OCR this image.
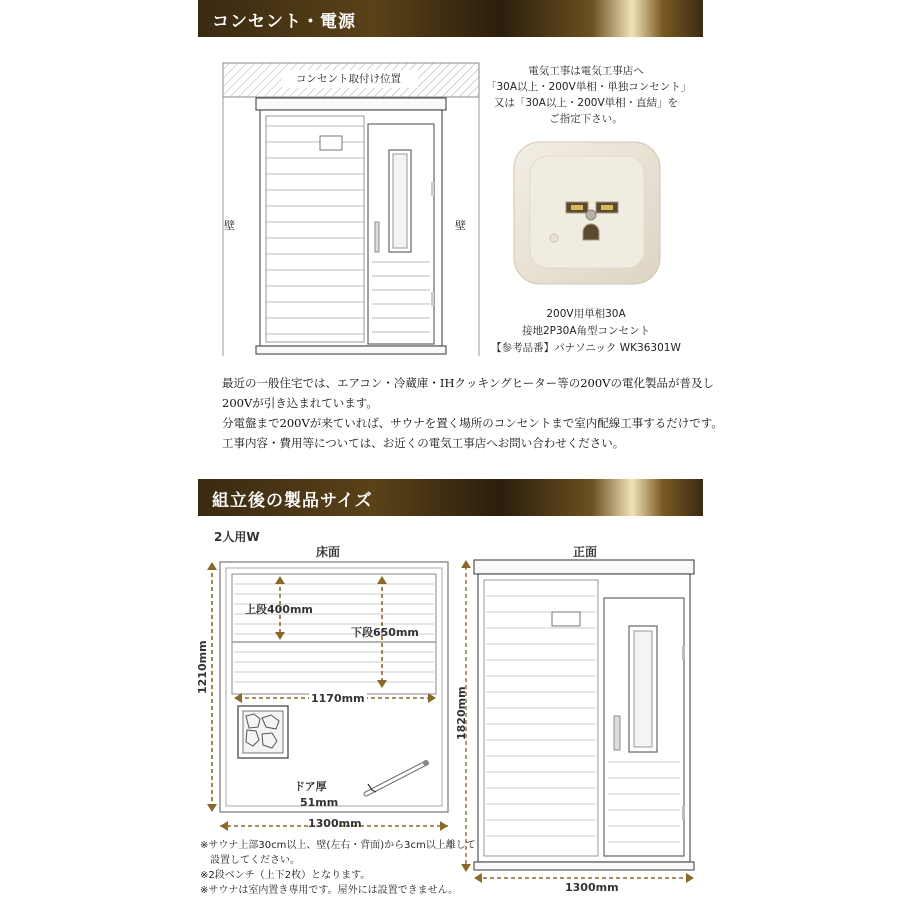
コンセント・電源
コンセント取付け位置
壁	壁
電気工事は電気工事店へ
「30A以上・200V単相・単独コンセント」
又は「30A以上・200V単相・直結」を
ご指定下さい。
200V用単相30A
接地2P30A角型コンセント
【参考品番】パナソニック WK36301W
最近の一般住宅では、エアコン・冷蔵庫・IHクッキングヒーター等の200Vの電化製品が普及し
200Vが引き込まれています。
分電盤まで200Vが来ていれば、サウナを置く場所のコンセントまで室内配線工事するだけです。
工事内容・費用等については、お近くの電気工事店へお問い合わせください。
組立後の製品サイズ
2人用W
床面	正面
上段400mm
下段650mm
1170mm
1210mm
ドア厚
51mm
1300mm
1820mm
1300mm
※サウナ上部30cm以上、壁(左右・背面)から3cm以上離して
　設置してください。
※2段ベンチ（上下2枚）となります。
※サウナは室内置き専用です。屋外には設置できません。
